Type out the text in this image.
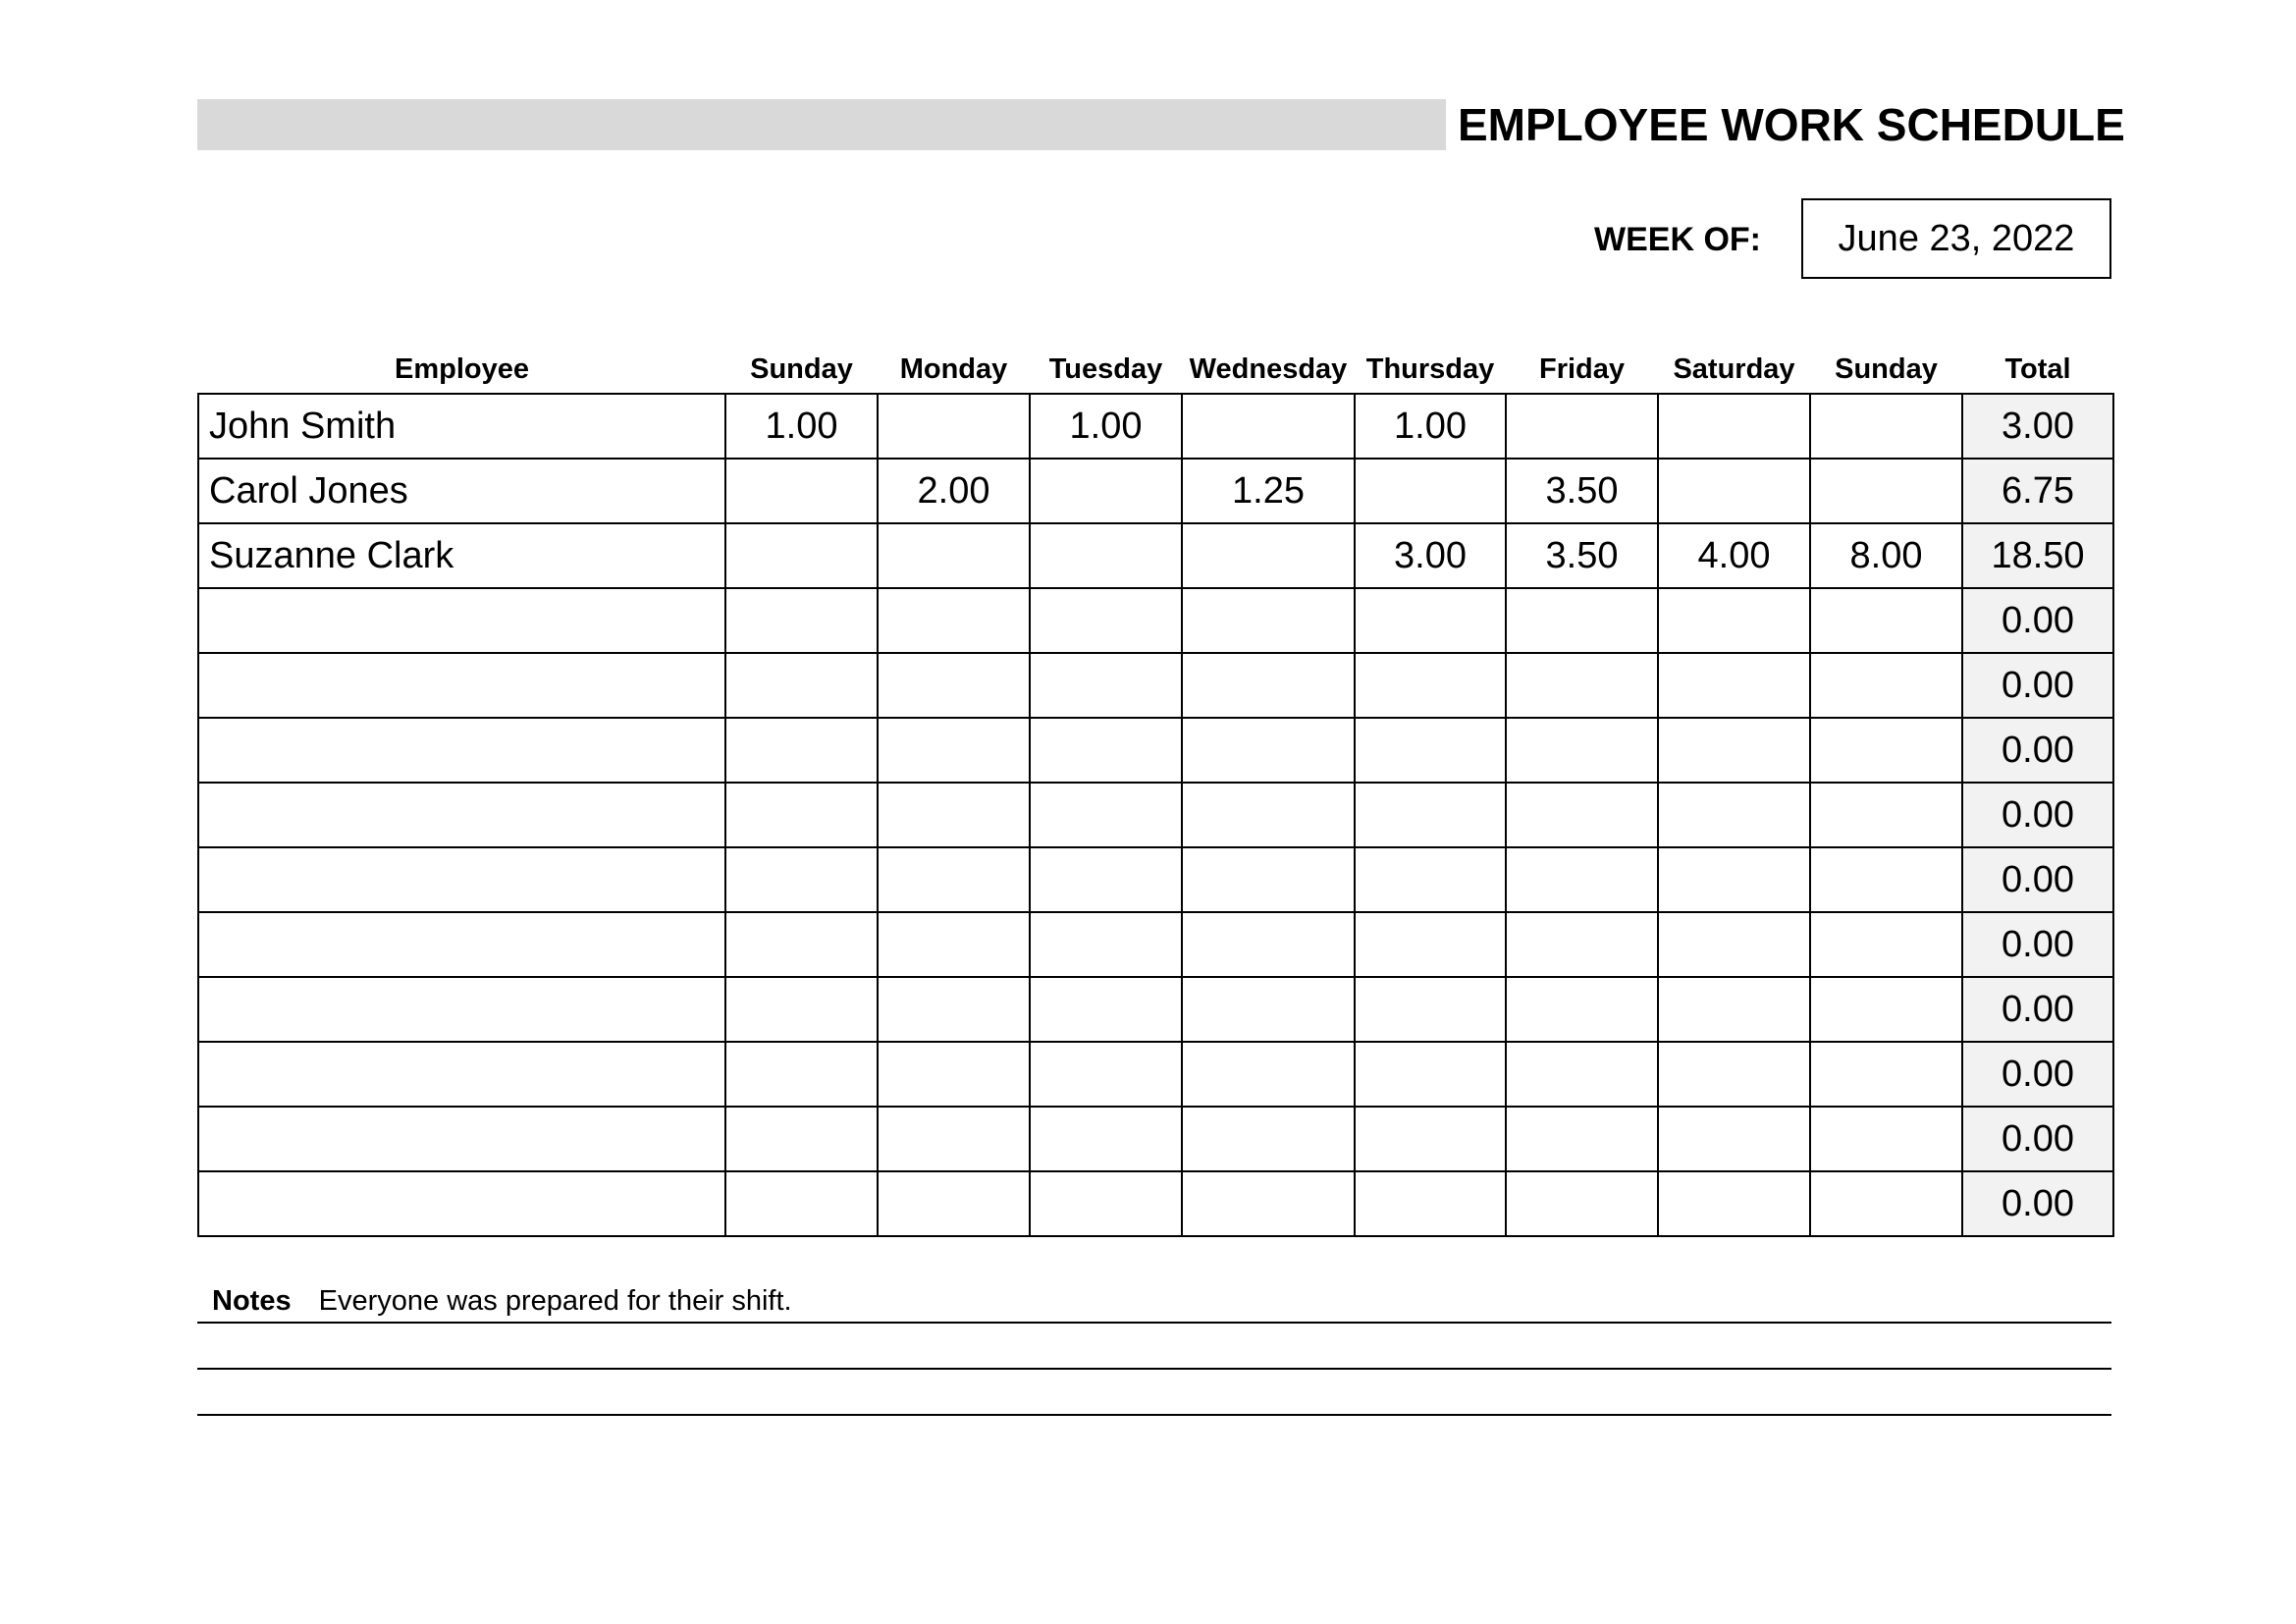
EMPLOYEE WORK SCHEDULE
WEEK OF:	June 23, 2022
Employee	Sunday	Monday	Tuesday	Wednesday	Thursday	Friday	Saturday	Sunday	Total
John Smith	1.00		1.00		1.00				3.00
Carol Jones		2.00		1.25		3.50			6.75
Suzanne Clark					3.00	3.50	4.00	8.00	18.50
									0.00
									0.00
									0.00
									0.00
									0.00
									0.00
									0.00
									0.00
									0.00
									0.00
Notes Everyone was prepared for their shift.
